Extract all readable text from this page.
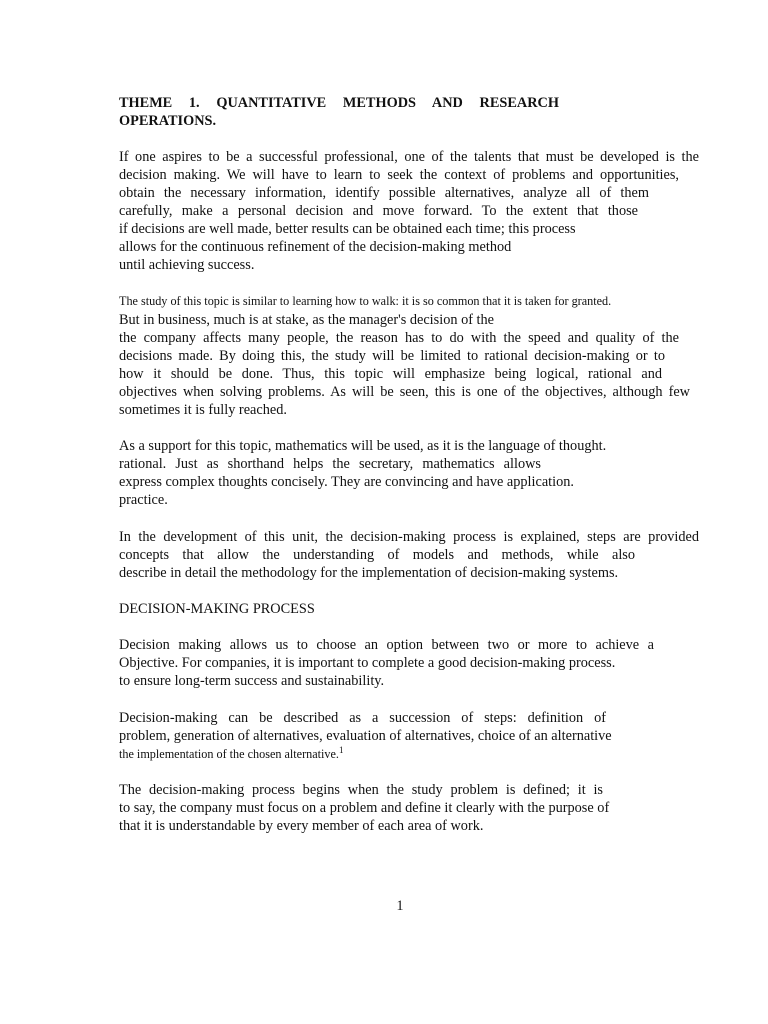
THEME 1. QUANTITATIVE METHODS AND RESEARCH

OPERATIONS.

If one aspires to be a successful professional, one of the talents that must be developed is the

decision making. We will have to learn to seek the context of problems and opportunities,

obtain the necessary information, identify possible alternatives, analyze all of them

carefully, make a personal decision and move forward. To the extent that those

if decisions are well made, better results can be obtained each time; this process

allows for the continuous refinement of the decision-making method

until achieving success.

The study of this topic is similar to learning how to walk: it is so common that it is taken for granted.

But in business, much is at stake, as the manager's decision of the

the company affects many people, the reason has to do with the speed and quality of the

decisions made. By doing this, the study will be limited to rational decision-making or to

how it should be done. Thus, this topic will emphasize being logical, rational and

objectives when solving problems. As will be seen, this is one of the objectives, although few

sometimes it is fully reached.

As a support for this topic, mathematics will be used, as it is the language of thought.

rational. Just as shorthand helps the secretary, mathematics allows

express complex thoughts concisely. They are convincing and have application.

practice.

In the development of this unit, the decision-making process is explained, steps are provided

concepts that allow the understanding of models and methods, while also

describe in detail the methodology for the implementation of decision-making systems.

DECISION-MAKING PROCESS

Decision making allows us to choose an option between two or more to achieve a

Objective. For companies, it is important to complete a good decision-making process.

to ensure long-term success and sustainability.

Decision-making can be described as a succession of steps: definition of

problem, generation of alternatives, evaluation of alternatives, choice of an alternative

the implementation of the chosen alternative.$^1$

The decision-making process begins when the study problem is defined; it is

to say, the company must focus on a problem and define it clearly with the purpose of

that it is understandable by every member of each area of work.

1
